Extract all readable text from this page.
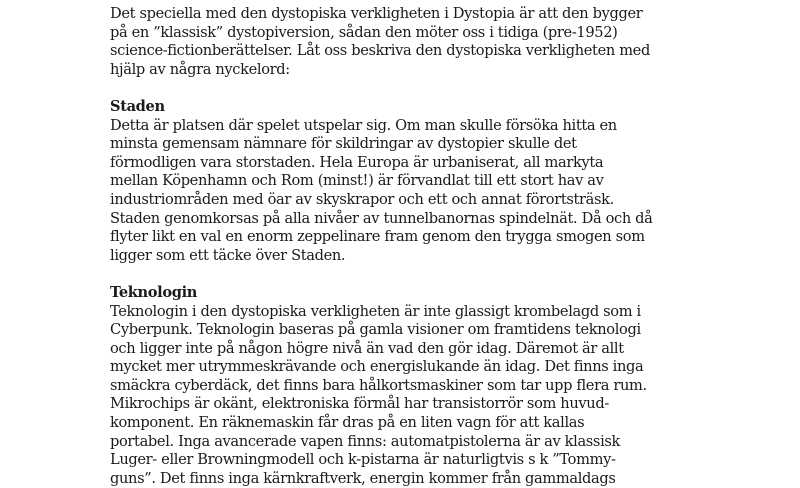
Det speciella med den dystopiska verkligheten i Dystopia är att den bygger
på en ”klassisk” dystopiversion, sådan den möter oss i tidiga (pre-1952)
science-fictionberättelser. Låt oss beskriva den dystopiska verkligheten med
hjälp av några nyckelord:
Staden
Detta är platsen där spelet utspelar sig. Om man skulle försöka hitta en
minsta gemensam nämnare för skildringar av dystopier skulle det
förmodligen vara storstaden. Hela Europa är urbaniserat, all markyta
mellan Köpenhamn och Rom (minst!) är förvandlat till ett stort hav av
industriområden med öar av skyskrapor och ett och annat förortsträsk.
Staden genomkorsas på alla nivåer av tunnelbanornas spindelnät. Då och då
flyter likt en val en enorm zeppelinare fram genom den trygga smogen som
ligger som ett täcke över Staden.
Teknologin
Teknologin i den dystopiska verkligheten är inte glassigt krombelagd som i
Cyberpunk. Teknologin baseras på gamla visioner om framtidens teknologi
och ligger inte på någon högre nivå än vad den gör idag. Däremot är allt
mycket mer utrymmeskrävande och energislukande än idag. Det finns inga
smäckra cyberdäck, det finns bara hålkortsmaskiner som tar upp flera rum.
Mikrochips är okänt, elektroniska förmål har transistorrör som huvud-
komponent. En räknemaskin får dras på en liten vagn för att kallas
portabel. Inga avancerade vapen finns: automatpistolerna är av klassisk
Luger- eller Browningmodell och k-pistarna är naturligtvis s k ”Tommy-
guns”. Det finns inga kärnkraftverk, energin kommer från gammaldags
